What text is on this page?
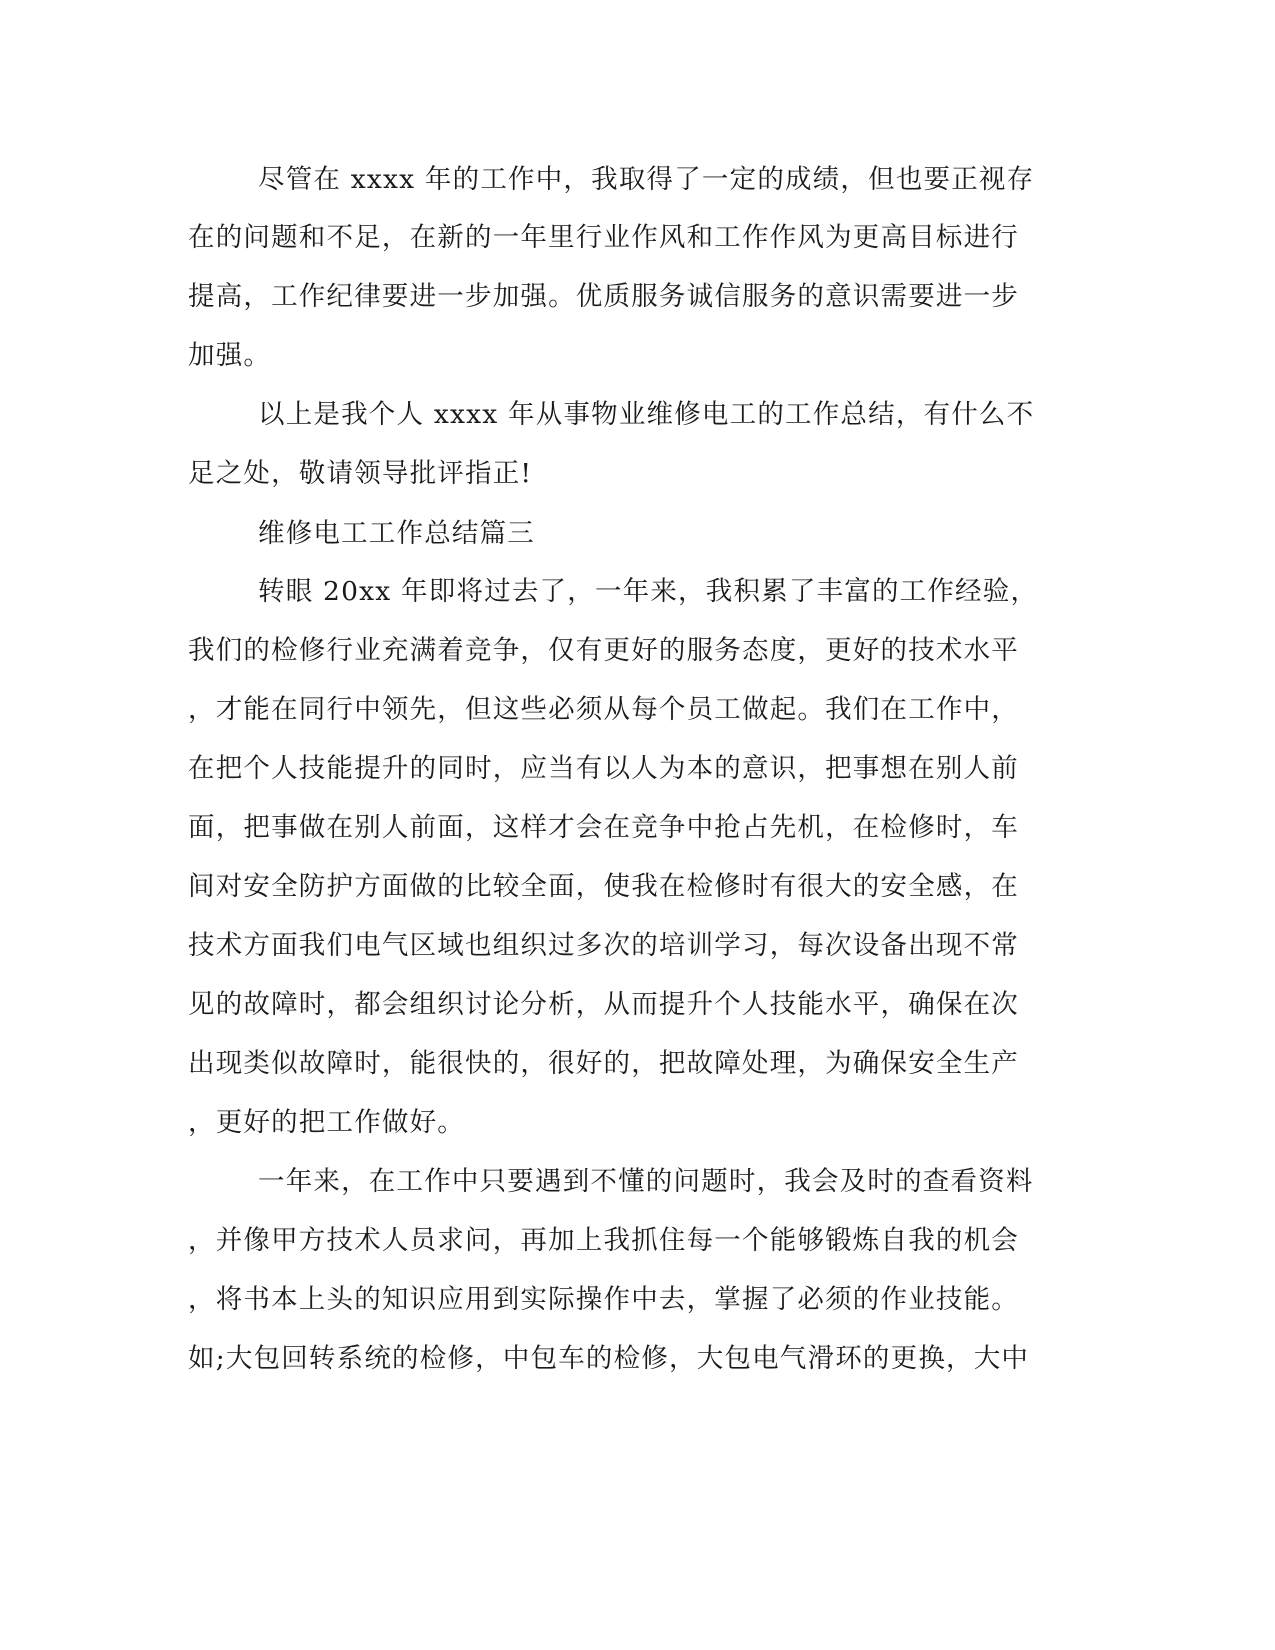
尽管在 xxxx 年的工作中，我取得了一定的成绩，但也要正视存
在的问题和不足，在新的一年里行业作风和工作作风为更高目标进行
提高，工作纪律要进一步加强。优质服务诚信服务的意识需要进一步
加强。
以上是我个人 xxxx 年从事物业维修电工的工作总结，有什么不
足之处，敬请领导批评指正!
维修电工工作总结篇三
转眼 20xx 年即将过去了，一年来，我积累了丰富的工作经验，
我们的检修行业充满着竞争，仅有更好的服务态度，更好的技术水平
，才能在同行中领先，但这些必须从每个员工做起。我们在工作中，
在把个人技能提升的同时，应当有以人为本的意识，把事想在别人前
面，把事做在别人前面，这样才会在竞争中抢占先机，在检修时，车
间对安全防护方面做的比较全面，使我在检修时有很大的安全感，在
技术方面我们电气区域也组织过多次的培训学习，每次设备出现不常
见的故障时，都会组织讨论分析，从而提升个人技能水平，确保在次
出现类似故障时，能很快的，很好的，把故障处理，为确保安全生产
，更好的把工作做好。
一年来，在工作中只要遇到不懂的问题时，我会及时的查看资料
，并像甲方技术人员求问，再加上我抓住每一个能够锻炼自我的机会
，将书本上头的知识应用到实际操作中去，掌握了必须的作业技能。
如;大包回转系统的检修，中包车的检修，大包电气滑环的更换，大中
